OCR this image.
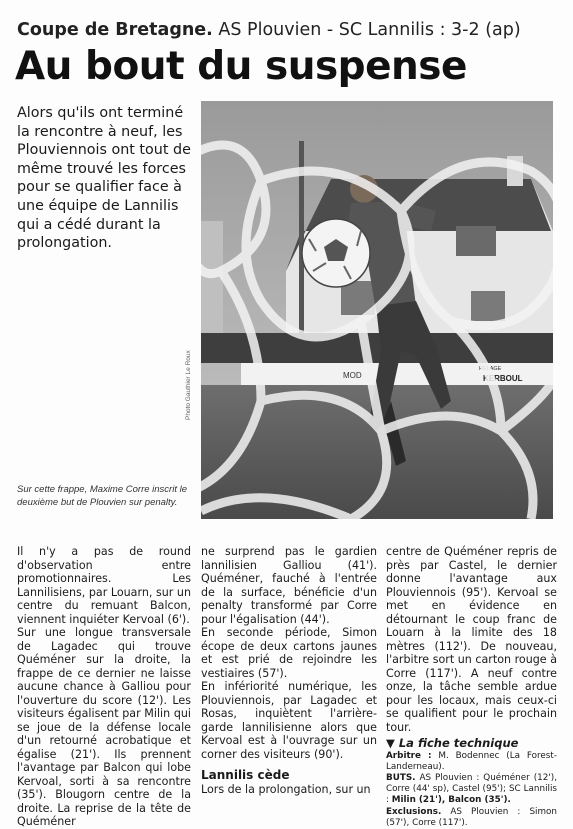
Coupe de Bretagne. AS Plouvien - SC Lannilis : 3-2 (ap)
Au bout du suspense
Alors qu'ils ont terminé la rencontre à neuf, les Plouviennois ont tout de même trouvé les forces pour se qualifier face à une équipe de Lannilis qui a cédé durant la prolongation.
MOD
RELAGE
KERBOUL
Photo Gauthier Le Roux
Sur cette frappe, Maxime Corre inscrit le deuxième but de Plouvien sur penalty.

Il n'y a pas de round d'observation entre promotionnaires. Les Lannilisiens, par Louarn, sur un centre du remuant Balcon, viennent inquiéter Kervoal (6').

Sur une longue transversale de Lagadec qui trouve Quéméner sur la droite, la frappe de ce dernier ne laisse aucune chance à Galliou pour l'ouverture du score (12'). Les visiteurs égalisent par Milin qui se joue de la défense locale d'un retourné acrobatique et égalise (21'). Ils prennent l'avantage par Balcon qui lobe Kervoal, sorti à sa rencontre (35'). Blougorn centre de la droite. La reprise de la tête de Quéméner

ne surprend pas le gardien lannilisien Galliou (41'). Quéméner, fauché à l'entrée de la surface, bénéficie d'un penalty transformé par Corre pour l'égalisation (44').

En seconde période, Simon écope de deux cartons jaunes et est prié de rejoindre les vestiaires (57').

En infériorité numérique, les Plouviennois, par Lagadec et Rosas, inquiètent l'arrière-garde lannilisienne alors que Kervoal est à l'ouvrage sur un corner des visiteurs (90').

Lannilis cède

Lors de la prolongation, sur un

centre de Quéméner repris de près par Castel, le dernier donne l'avantage aux Plouviennois (95'). Kervoal se met en évidence en détournant le coup franc de Louarn à la limite des 18 mètres (112'). De nouveau, l'arbitre sort un carton rouge à Corre (117'). A neuf contre onze, la tâche semble ardue pour les locaux, mais ceux-ci se qualifient pour le prochain tour.

▼ La fiche technique

Arbitre : M. Bodennec (La Forest-Landerneau).

BUTS. AS Plouvien : Quéméner (12'), Corre (44' sp), Castel (95'); SC Lannilis : Milin (21'), Balcon (35').

Exclusions. AS Plouvien : Simon (57'), Corre (117').
